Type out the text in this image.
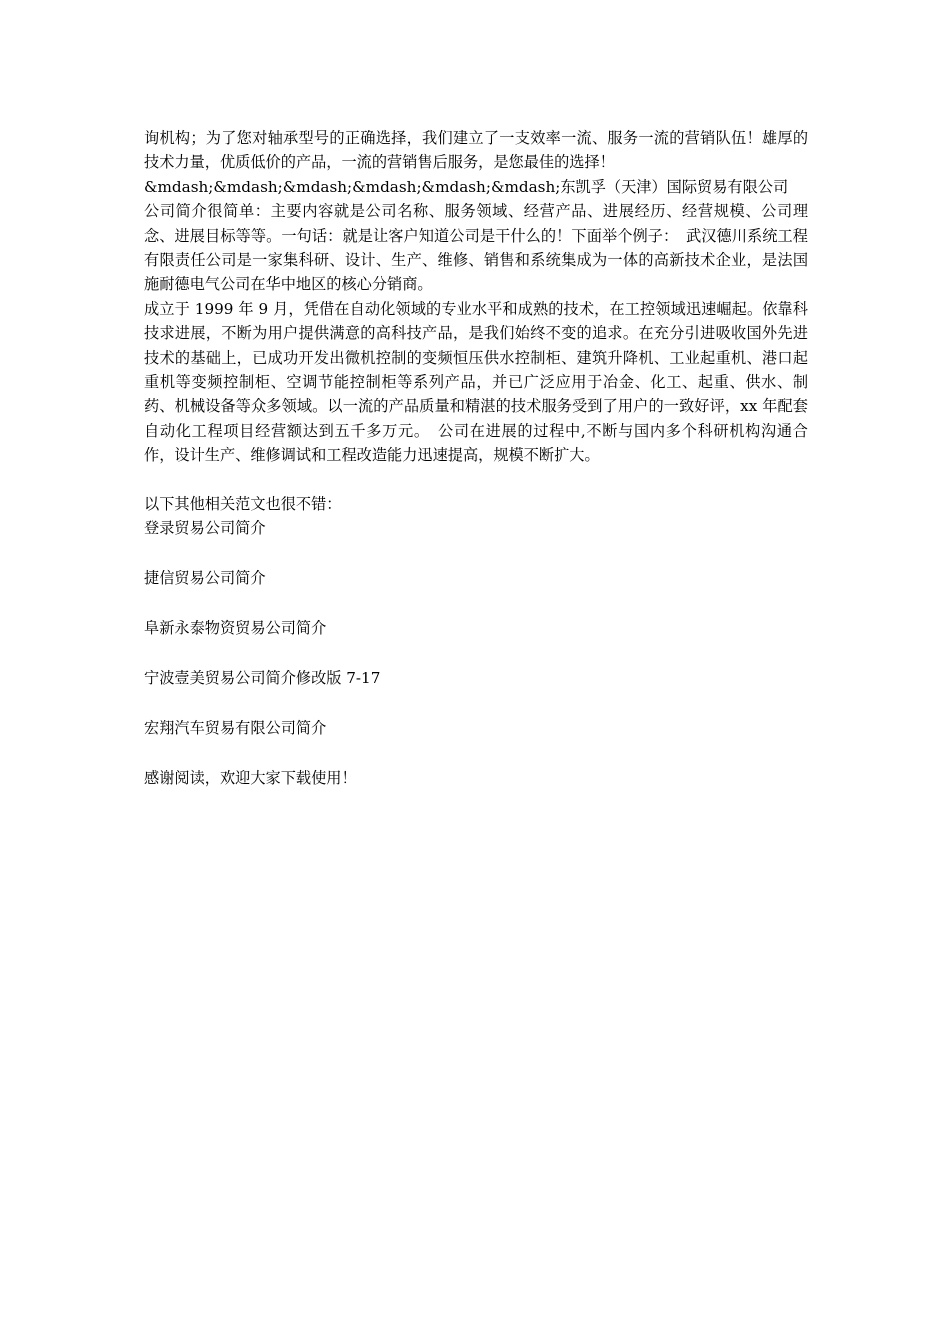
询机构；为了您对轴承型号的正确选择，我们建立了一支效率一流、服务一流的营销队伍！雄厚的技术力量，优质低价的产品，一流的营销售后服务，是您最佳的选择！

&mdash;&mdash;&mdash;&mdash;&mdash;&mdash;东凯孚（天津）国际贸易有限公司

公司简介很简单：主要内容就是公司名称、服务领域、经营产品、进展经历、经营规模、公司理念、进展目标等等。一句话：就是让客户知道公司是干什么的！下面举个例子：　武汉德川系统工程有限责任公司是一家集科研、设计、生产、维修、销售和系统集成为一体的高新技术企业，是法国施耐德电气公司在华中地区的核心分销商。

成立于 1999 年 9 月，凭借在自动化领域的专业水平和成熟的技术，在工控领域迅速崛起。依靠科技求进展，不断为用户提供满意的高科技产品，是我们始终不变的追求。在充分引进吸收国外先进技术的基础上，已成功开发出微机控制的变频恒压供水控制柜、建筑升降机、工业起重机、港口起重机等变频控制柜、空调节能控制柜等系列产品，并已广泛应用于冶金、化工、起重、供水、制药、机械设备等众多领域。以一流的产品质量和精湛的技术服务受到了用户的一致好评，xx 年配套自动化工程项目经营额达到五千多万元。　公司在进展的过程中,不断与国内多个科研机构沟通合作，设计生产、维修调试和工程改造能力迅速提高，规模不断扩大。

以下其他相关范文也很不错：

登录贸易公司简介

捷信贸易公司简介

阜新永泰物资贸易公司简介

宁波壹美贸易公司简介修改版 7-17

宏翔汽车贸易有限公司简介

感谢阅读，欢迎大家下载使用！
